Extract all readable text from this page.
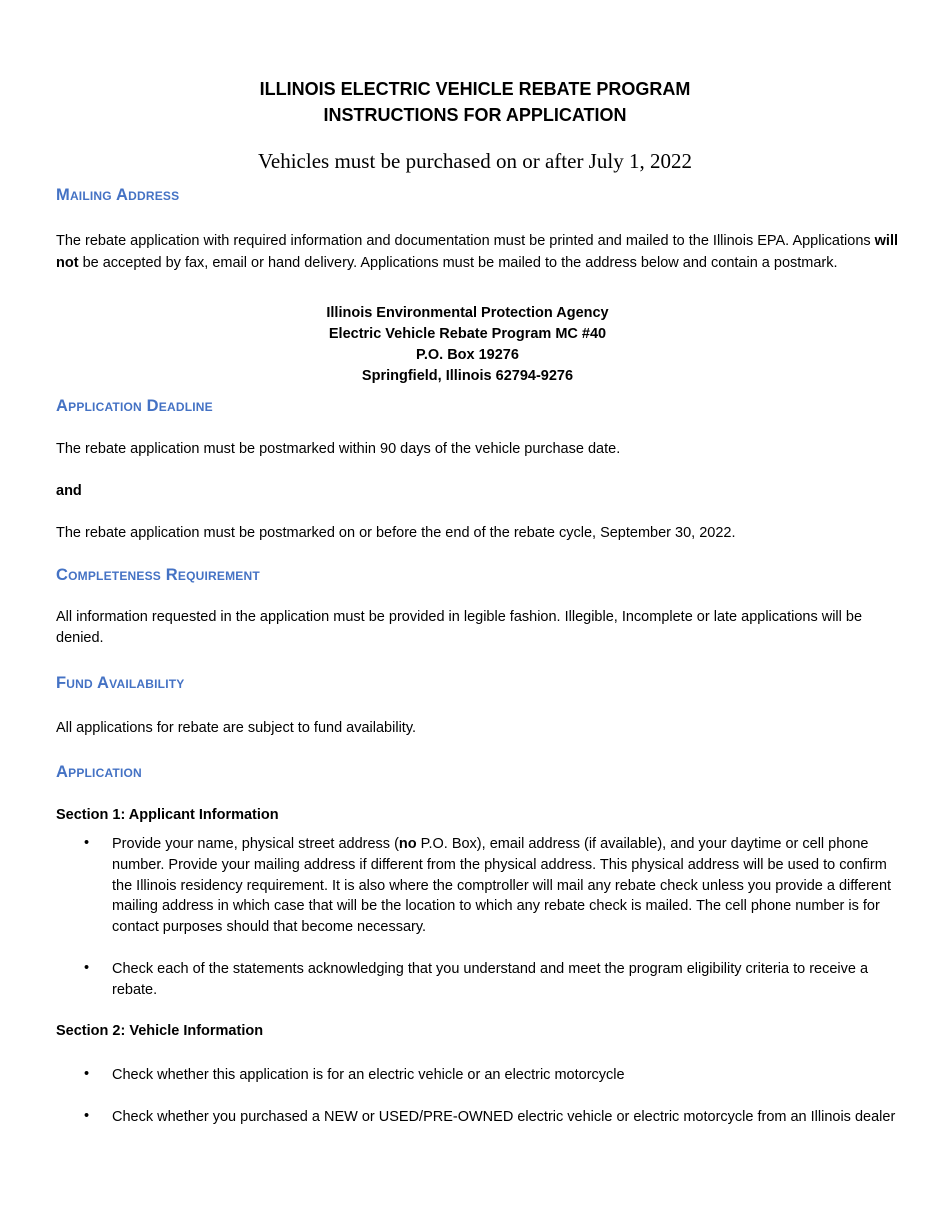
ILLINOIS ELECTRIC VEHICLE REBATE PROGRAM
INSTRUCTIONS FOR APPLICATION
Vehicles must be purchased on or after July 1, 2022
Mailing Address
The rebate application with required information and documentation must be printed and mailed to the Illinois EPA. Applications will not be accepted by fax, email or hand delivery. Applications must be mailed to the address below and contain a postmark.
Illinois Environmental Protection Agency
Electric Vehicle Rebate Program MC #40
P.O. Box 19276
Springfield, Illinois 62794-9276
Application Deadline
The rebate application must be postmarked within 90 days of the vehicle purchase date.
and
The rebate application must be postmarked on or before the end of the rebate cycle, September 30, 2022.
Completeness Requirement
All information requested in the application must be provided in legible fashion. Illegible, Incomplete or late applications will be denied.
Fund Availability
All applications for rebate are subject to fund availability.
Application
Section 1: Applicant Information
• Provide your name, physical street address (no P.O. Box), email address (if available), and your daytime or cell phone number. Provide your mailing address if different from the physical address. This physical address will be used to confirm the Illinois residency requirement. It is also where the comptroller will mail any rebate check unless you provide a different mailing address in which case that will be the location to which any rebate check is mailed. The cell phone number is for contact purposes should that become necessary.
• Check each of the statements acknowledging that you understand and meet the program eligibility criteria to receive a rebate.
Section 2: Vehicle Information
• Check whether this application is for an electric vehicle or an electric motorcycle
• Check whether you purchased a NEW or USED/PRE-OWNED electric vehicle or electric motorcycle from an Illinois dealer
